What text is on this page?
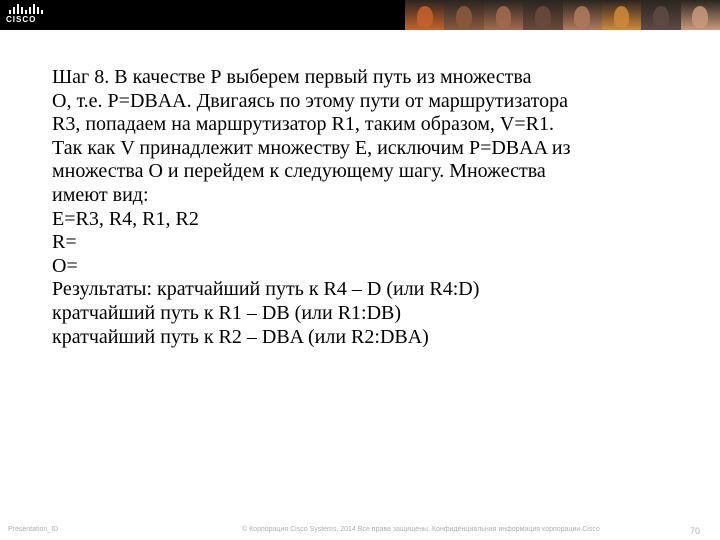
CISCO

Шаг 8. В качестве Р выберем первый путь из множества

О, т.е. Р=DBAA. Двигаясь по этому пути от маршрутизатора

R3, попадаем на маршрутизатор R1, таким образом, V=R1.

Так как V принадлежит множеству Е, исключим Р=DBAA из

множества О и перейдем к следующему шагу. Множества

имеют вид:

E=R3, R4, R1, R2

R=

O=

Результаты: кратчайший путь к R4 – D (или R4:D)

кратчайший путь к R1 – DB (или R1:DB)

кратчайший путь к R2 – DBA (или R2:DBA)

Presentation_ID	© Корпорация Cisco Systems, 2014 Все права защищены. Конфиденциальная информация корпорации Cisco	70
